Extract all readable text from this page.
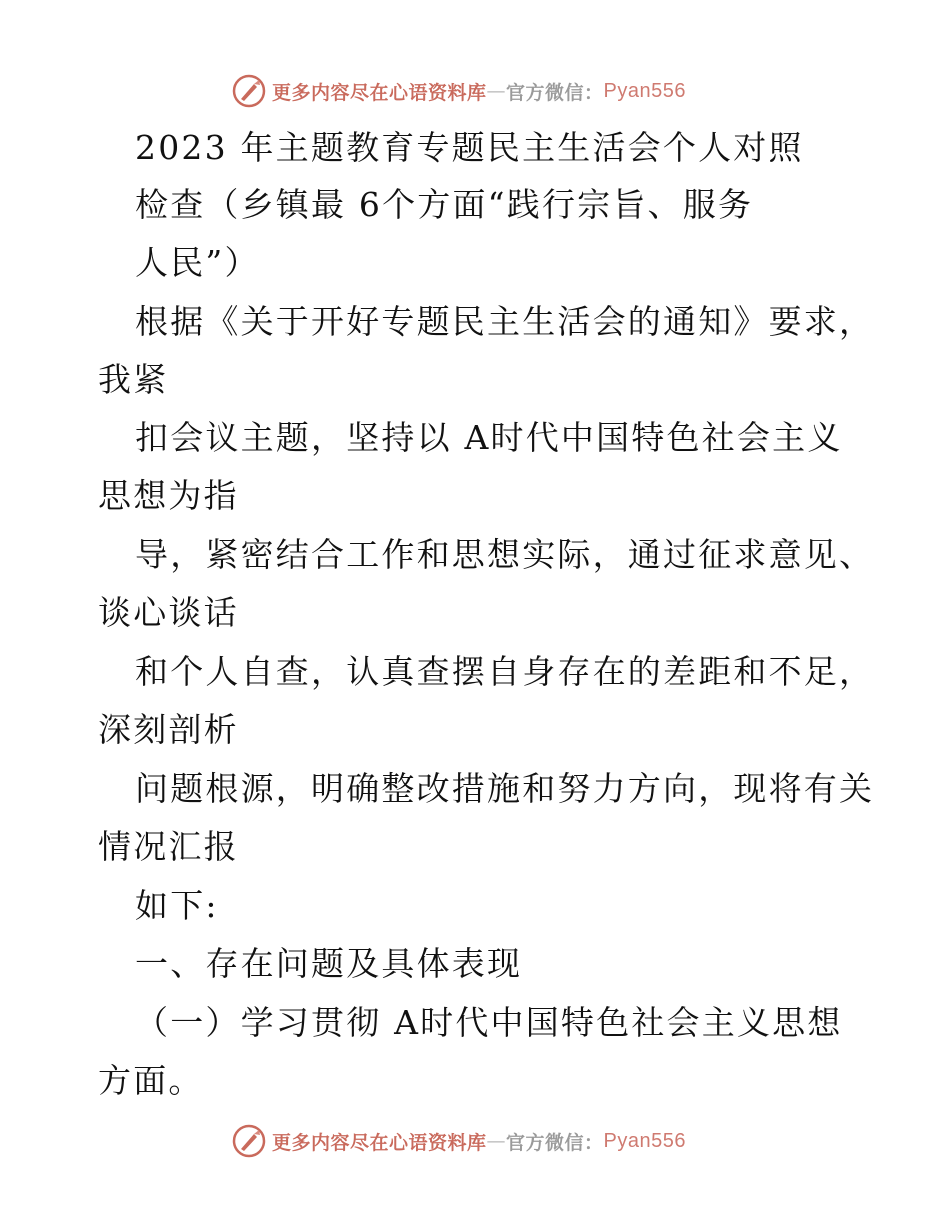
更多内容尽在心语资料库 — 官方微信： Pyan556
2023 年主题教育专题民主生活会个人对照
检查（乡镇最 6个方面“践行宗旨、服务
人民”）
根据《关于开好专题民主生活会的通知》要求，
我紧
扣会议主题，坚持以 A时代中国特色社会主义
思想为指
导，紧密结合工作和思想实际，通过征求意见、
谈心谈话
和个人自查，认真查摆自身存在的差距和不足，
深刻剖析
问题根源，明确整改措施和努力方向，现将有关
情况汇报
如下:
一、存在问题及具体表现
（一）学习贯彻 A时代中国特色社会主义思想
方面。
更多内容尽在心语资料库 — 官方微信： Pyan556
